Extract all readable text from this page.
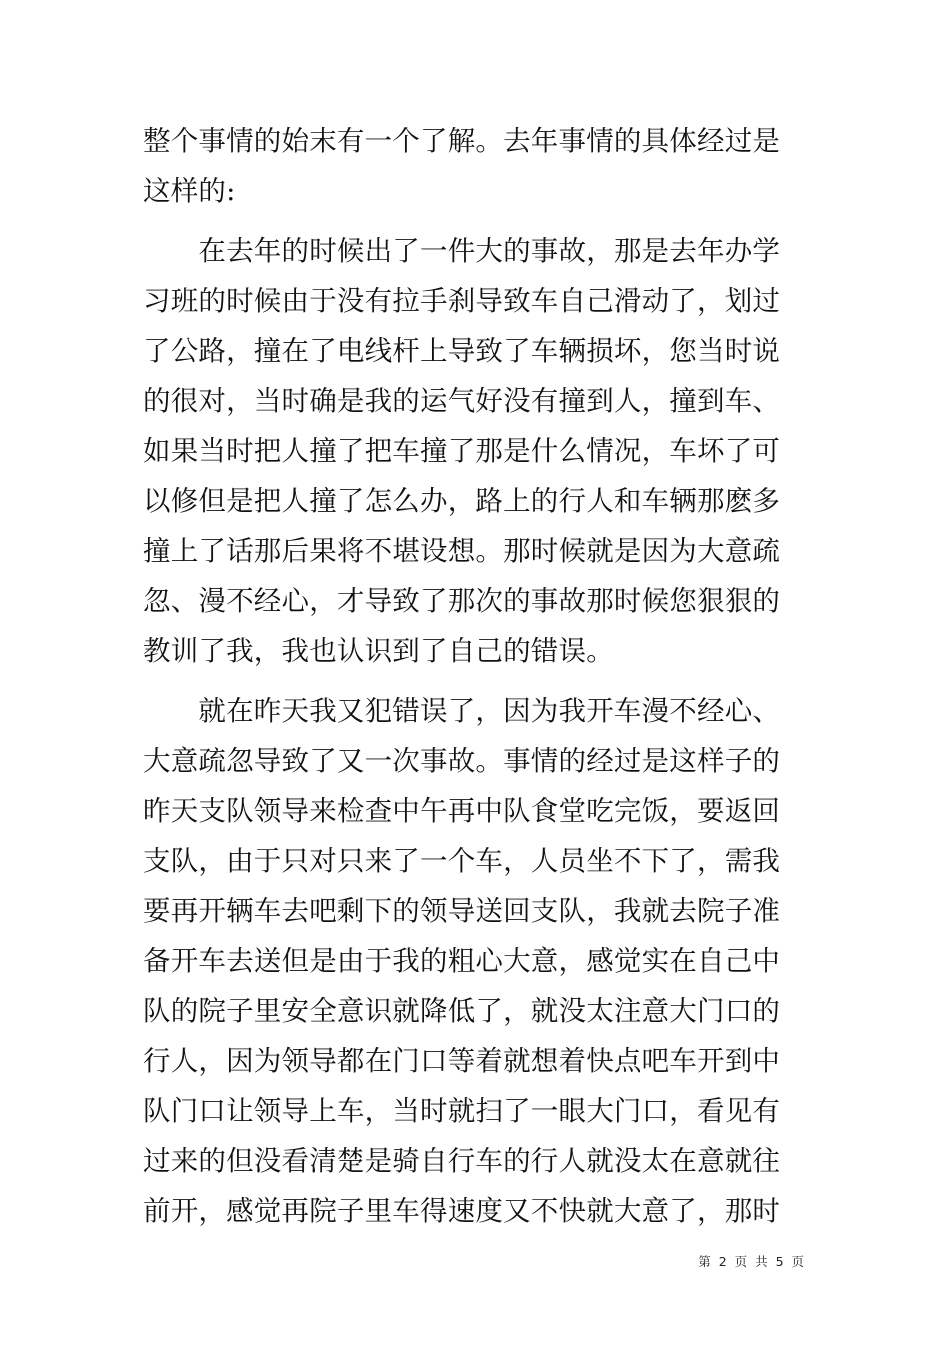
整个事情的始末有一个了解。去年事情的具体经过是
这样的:
　　在去年的时候出了一件大的事故，那是去年办学
习班的时候由于没有拉手刹导致车自己滑动了，划过
了公路，撞在了电线杆上导致了车辆损坏，您当时说
的很对，当时确是我的运气好没有撞到人，撞到车、
如果当时把人撞了把车撞了那是什么情况，车坏了可
以修但是把人撞了怎么办，路上的行人和车辆那麽多
撞上了话那后果将不堪设想。那时候就是因为大意疏
忽、漫不经心，才导致了那次的事故那时候您狠狠的
教训了我，我也认识到了自己的错误。
　　就在昨天我又犯错误了，因为我开车漫不经心、
大意疏忽导致了又一次事故。事情的经过是这样子的
昨天支队领导来检查中午再中队食堂吃完饭，要返回
支队，由于只对只来了一个车，人员坐不下了，需我
要再开辆车去吧剩下的领导送回支队，我就去院子准
备开车去送但是由于我的粗心大意，感觉实在自己中
队的院子里安全意识就降低了，就没太注意大门口的
行人，因为领导都在门口等着就想着快点吧车开到中
队门口让领导上车，当时就扫了一眼大门口，看见有
过来的但没看清楚是骑自行车的行人就没太在意就往
前开，感觉再院子里车得速度又不快就大意了，那时
第 2 页 共 5 页
